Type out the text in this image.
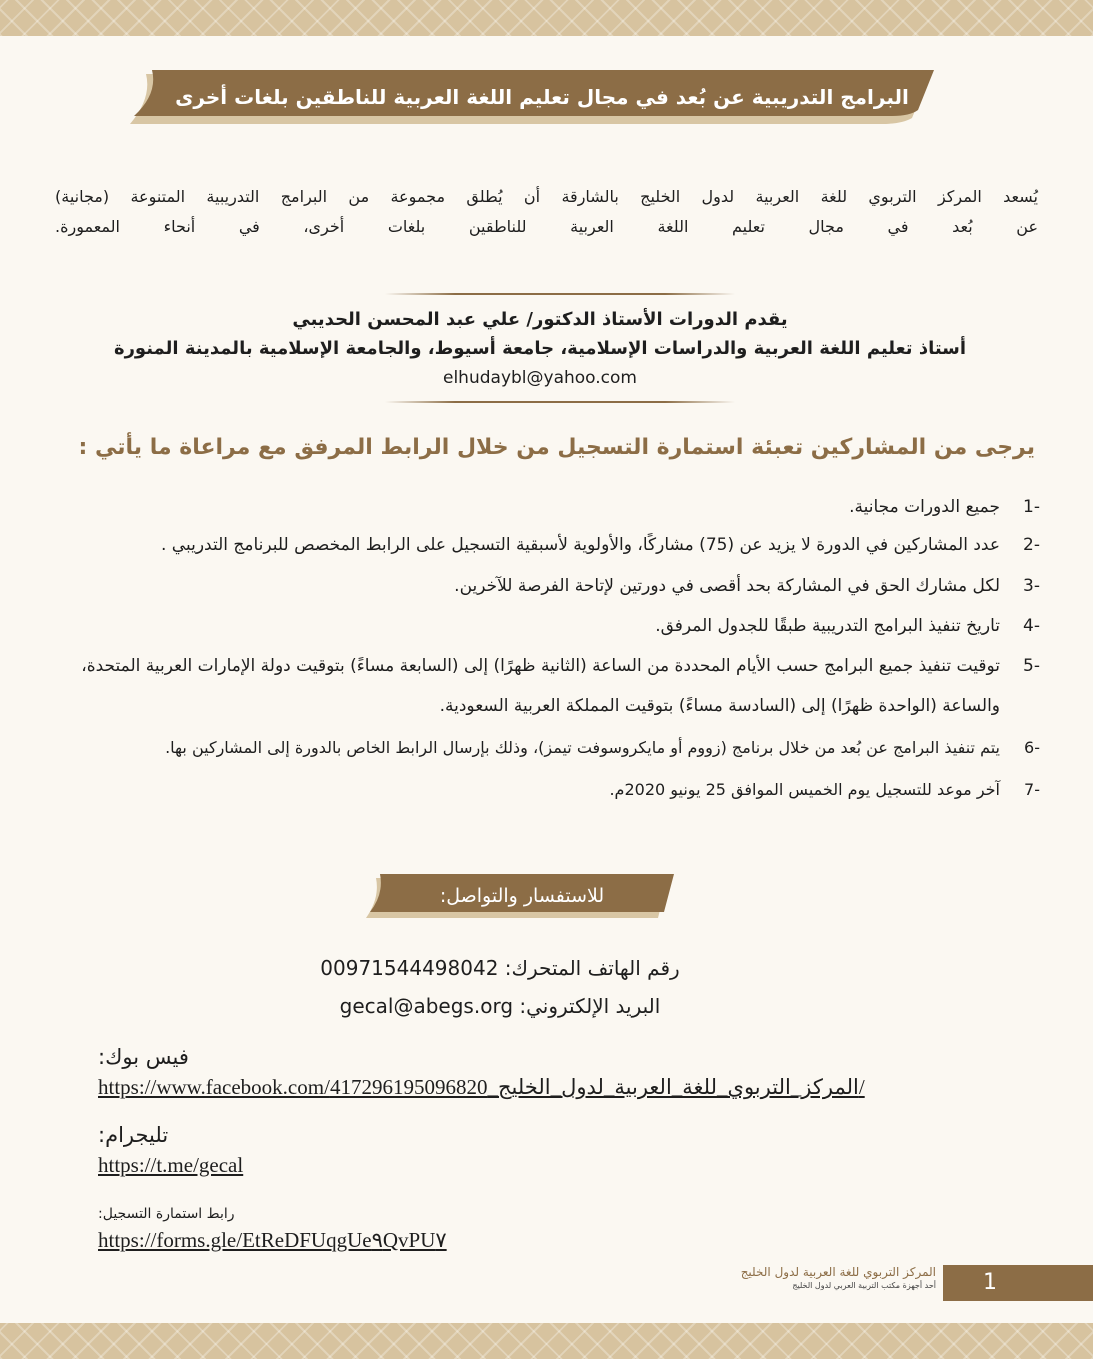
البرامج التدريبية عن بُعد في مجال تعليم اللغة العربية للناطقين بلغات أخرى

يُسعد المركز التربوي للغة العربية لدول الخليج بالشارقة أن يُطلق مجموعة من البرامج التدريبية المتنوعة (مجانية)

عن بُعد في مجال تعليم اللغة العربية للناطقين بلغات أخرى، في أنحاء المعمورة.

يقدم الدورات الأستاذ الدكتور/ علي عبد المحسن الحديبي

أستاذ تعليم اللغة العربية والدراسات الإسلامية، جامعة أسيوط، والجامعة الإسلامية بالمدينة المنورة

elhudaybl@yahoo.com

يرجى من المشاركين تعبئة استمارة التسجيل من خلال الرابط المرفق مع مراعاة ما يأتي :
-1
جميع الدورات مجانية.
-2
عدد المشاركين في الدورة لا يزيد عن (75) مشاركًا، والأولوية لأسبقية التسجيل على الرابط المخصص للبرنامج التدريبي .
-3
لكل مشارك الحق في المشاركة بحد أقصى في دورتين لإتاحة الفرصة للآخرين.
-4
تاريخ تنفيذ البرامج التدريبية طبقًا للجدول المرفق.
-5
توقيت تنفيذ جميع البرامج حسب الأيام المحددة من الساعة (الثانية ظهرًا) إلى (السابعة مساءً) بتوقيت دولة الإمارات العربية المتحدة، والساعة (الواحدة ظهرًا) إلى (السادسة مساءً) بتوقيت المملكة العربية السعودية.
-6
يتم تنفيذ البرامج عن بُعد من خلال برنامج (زووم أو مايكروسوفت تيمز)، وذلك بإرسال الرابط الخاص بالدورة إلى المشاركين بها.
-7
آخر موعد للتسجيل يوم الخميس الموافق 25 يونيو 2020م.
للاستفسار والتواصل:
رقم الهاتف المتحرك: 00971544498042
البريد الإلكتروني: gecal@abegs.org
فيس بوك:
https://www.facebook.com/المركز_التربوي_للغة_العربية_لدول_الخليج_417296195096820/
تليجرام:
https://t.me/gecal
رابط استمارة التسجيل:
https://forms.gle/EtReDFUqgUe٩QvPU٧
المركز التربوي للغة العربية لدول الخليج
أحد أجهزة مكتب التربية العربي لدول الخليج 1
